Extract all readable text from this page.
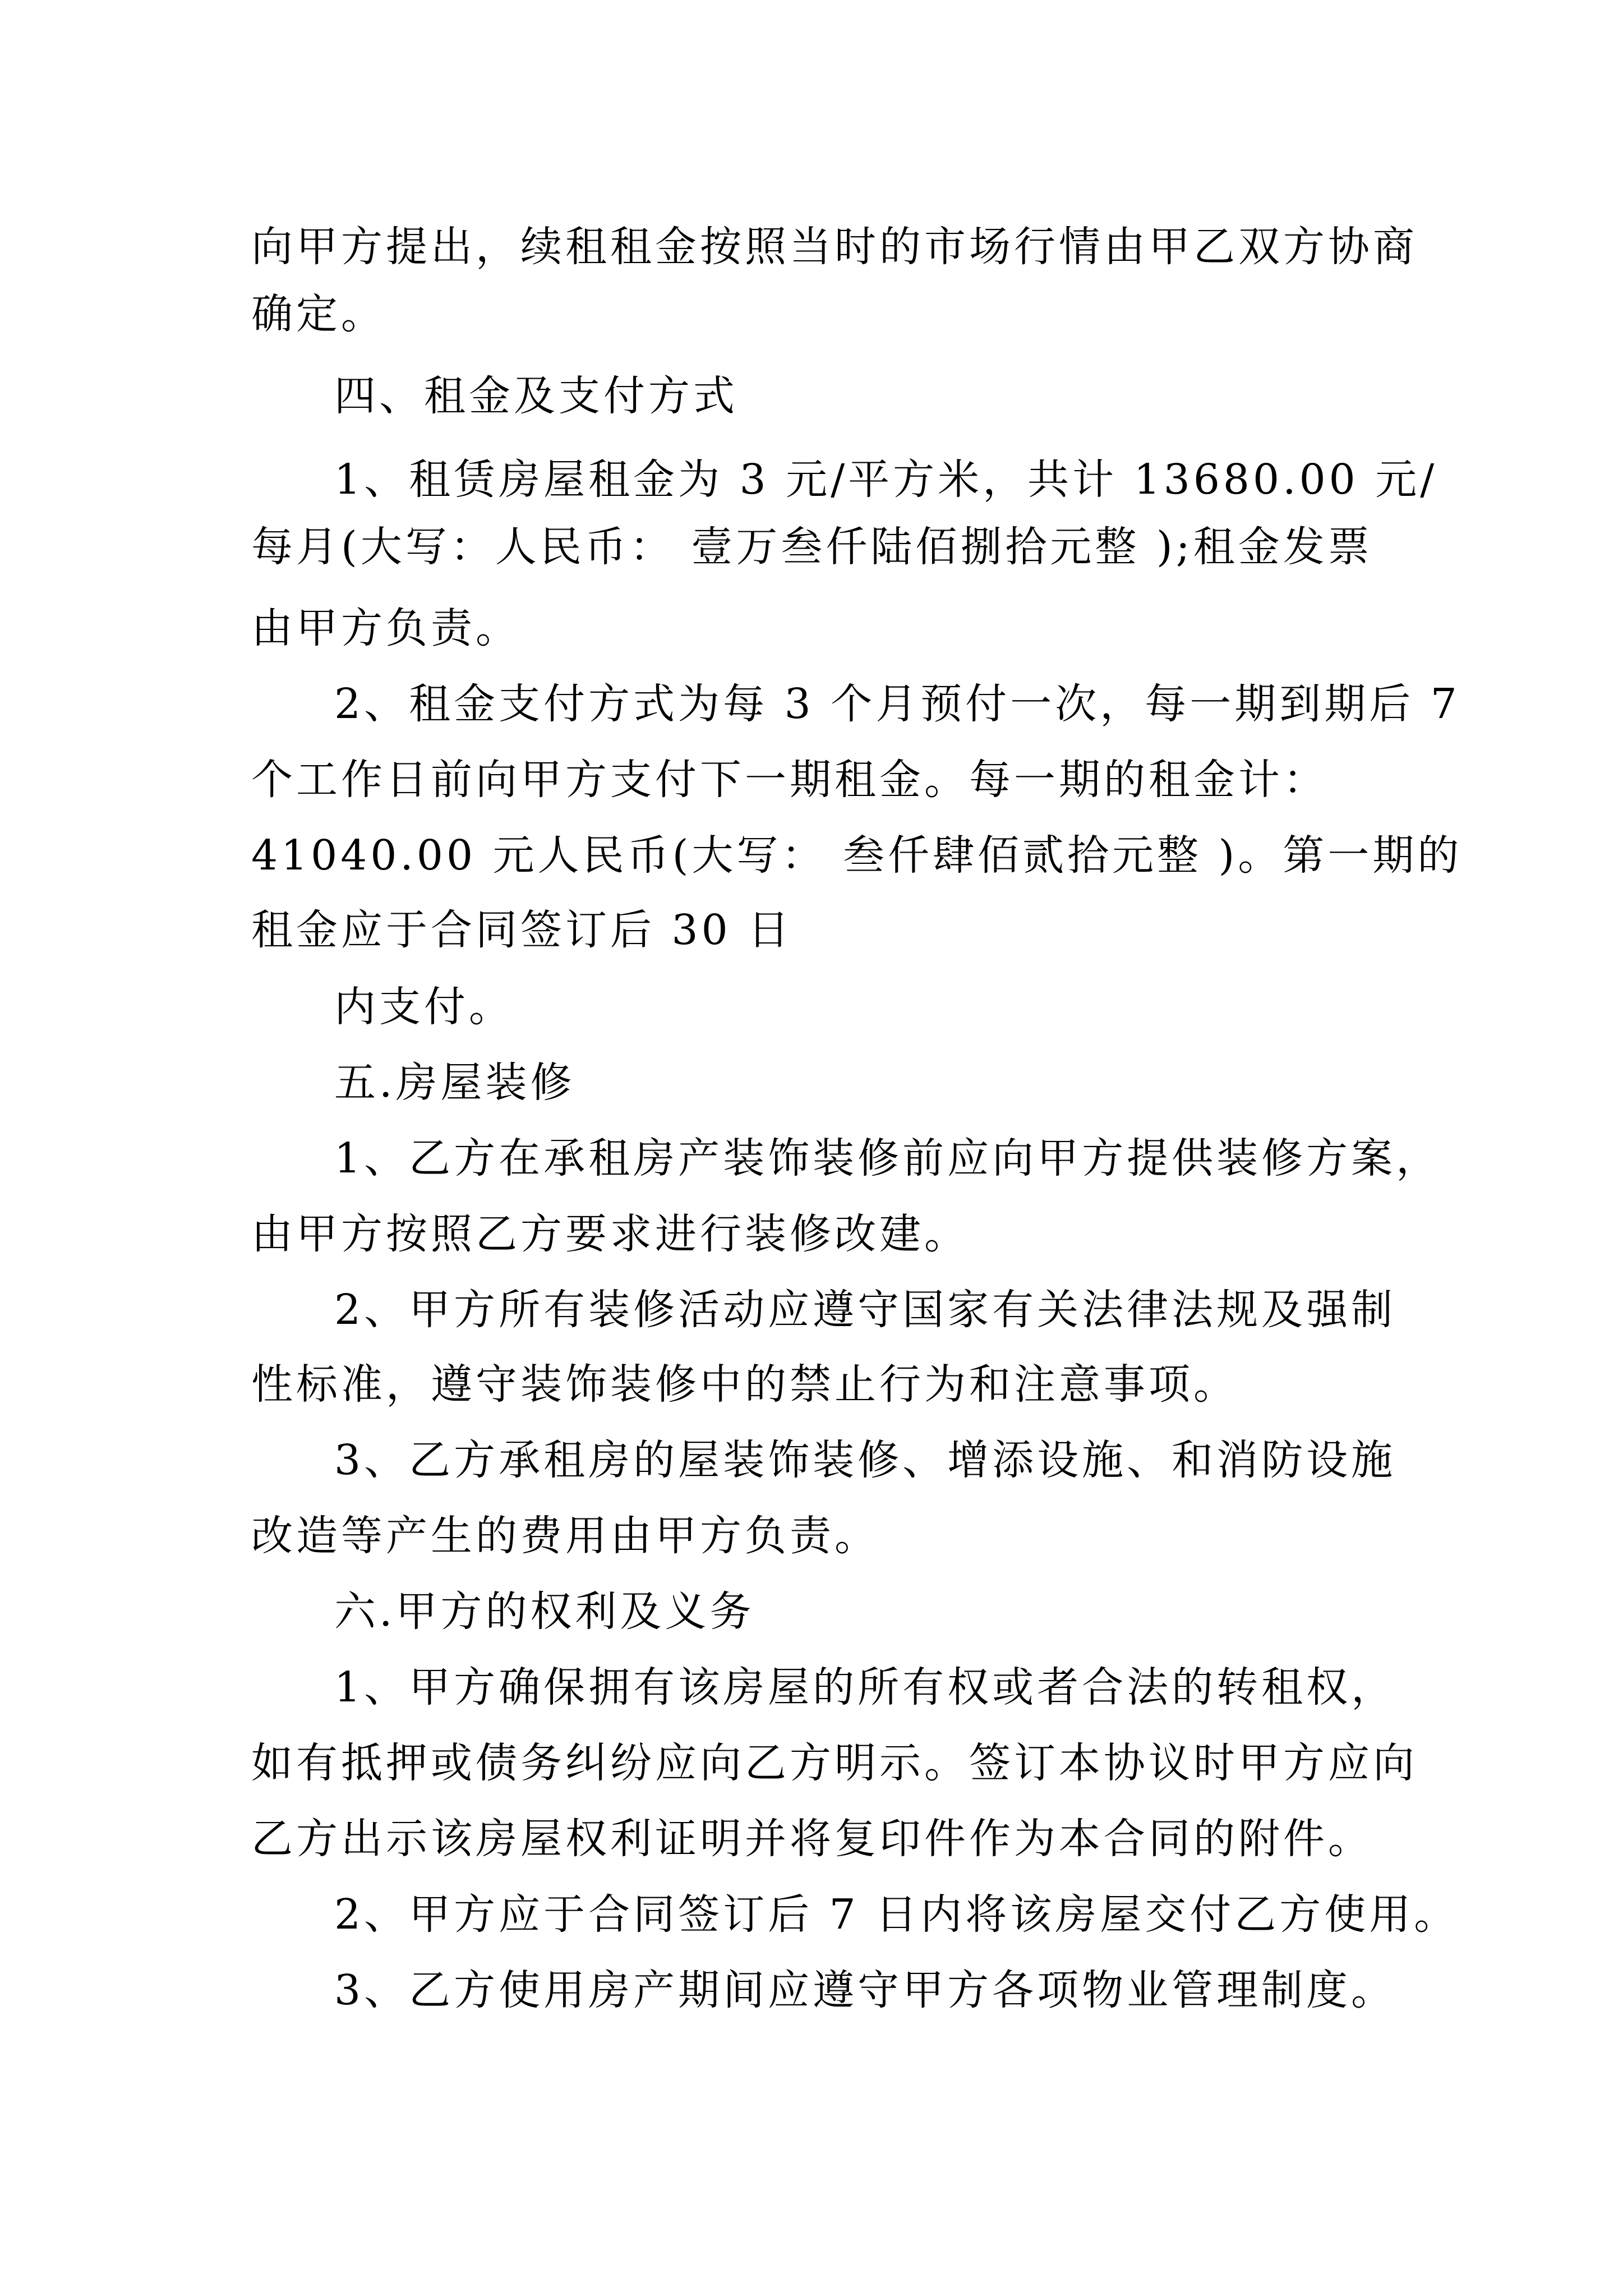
向甲方提出，续租租金按照当时的市场行情由甲乙双方协商
确定。
四、租金及支付方式
1、租赁房屋租金为 3 元/平方米，共计 13680.00 元/
每月(大写：人民币： 壹万叁仟陆佰捌拾元整 );租金发票
由甲方负责。
2、租金支付方式为每 3 个月预付一次，每一期到期后 7
个工作日前向甲方支付下一期租金。每一期的租金计：
41040.00 元人民币(大写： 叁仟肆佰贰拾元整 )。第一期的
租金应于合同签订后 30 日
内支付。
五.房屋装修
1、乙方在承租房产装饰装修前应向甲方提供装修方案，
由甲方按照乙方要求进行装修改建。
2、甲方所有装修活动应遵守国家有关法律法规及强制
性标准，遵守装饰装修中的禁止行为和注意事项。
3、乙方承租房的屋装饰装修、增添设施、和消防设施
改造等产生的费用由甲方负责。
六.甲方的权利及义务
1、甲方确保拥有该房屋的所有权或者合法的转租权，
如有抵押或债务纠纷应向乙方明示。签订本协议时甲方应向
乙方出示该房屋权利证明并将复印件作为本合同的附件。
2、甲方应于合同签订后 7 日内将该房屋交付乙方使用。
3、乙方使用房产期间应遵守甲方各项物业管理制度。
